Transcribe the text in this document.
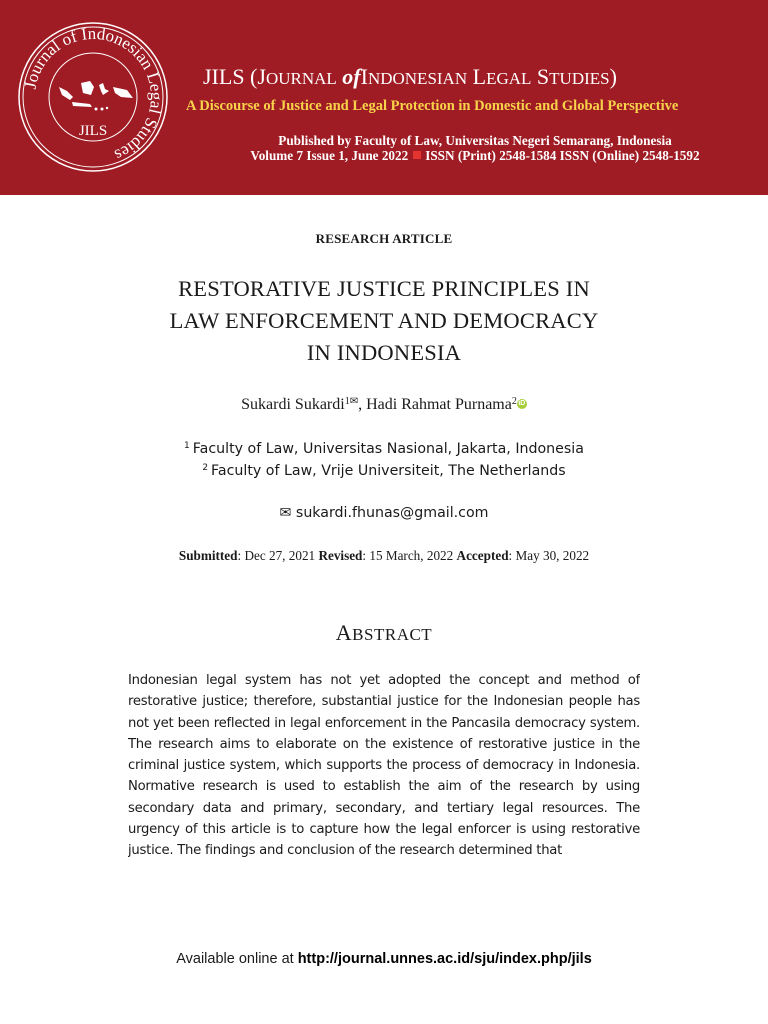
Journal of Indonesian Legal Studies
JILS
JILS (JOURNAL ofINDONESIAN LEGAL STUDIES)
A Discourse of Justice and Legal Protection in Domestic and Global Perspective
Published by Faculty of Law, Universitas Negeri Semarang, Indonesia
Volume 7 Issue 1, June 2022 ISSN (Print) 2548-1584 ISSN (Online) 2548-1592
RESEARCH ARTICLE
RESTORATIVE JUSTICE PRINCIPLES IN
LAW ENFORCEMENT AND DEMOCRACY
IN INDONESIA
Sukardi Sukardi$^{1✉}$, Hadi Rahmat Purnama$^2$ iD
$^1$ Faculty of Law, Universitas Nasional, Jakarta, Indonesia
$^2$ Faculty of Law, Vrije Universiteit, The Netherlands
✉ sukardi.fhunas@gmail.com
Submitted: Dec 27, 2021 Revised: 15 March, 2022 Accepted: May 30, 2022
ABSTRACT
Indonesian legal system has not yet adopted the concept and method of restorative justice; therefore, substantial justice for the Indonesian people has not yet been reflected in legal enforcement in the Pancasila democracy system. The research aims to elaborate on the existence of restorative justice in the criminal justice system, which supports the process of democracy in Indonesia. Normative research is used to establish the aim of the research by using secondary data and primary, secondary, and tertiary legal resources. The urgency of this article is to capture how the legal enforcer is using restorative justice. The findings and conclusion of the research determined that
Available online at http://journal.unnes.ac.id/sju/index.php/jils
